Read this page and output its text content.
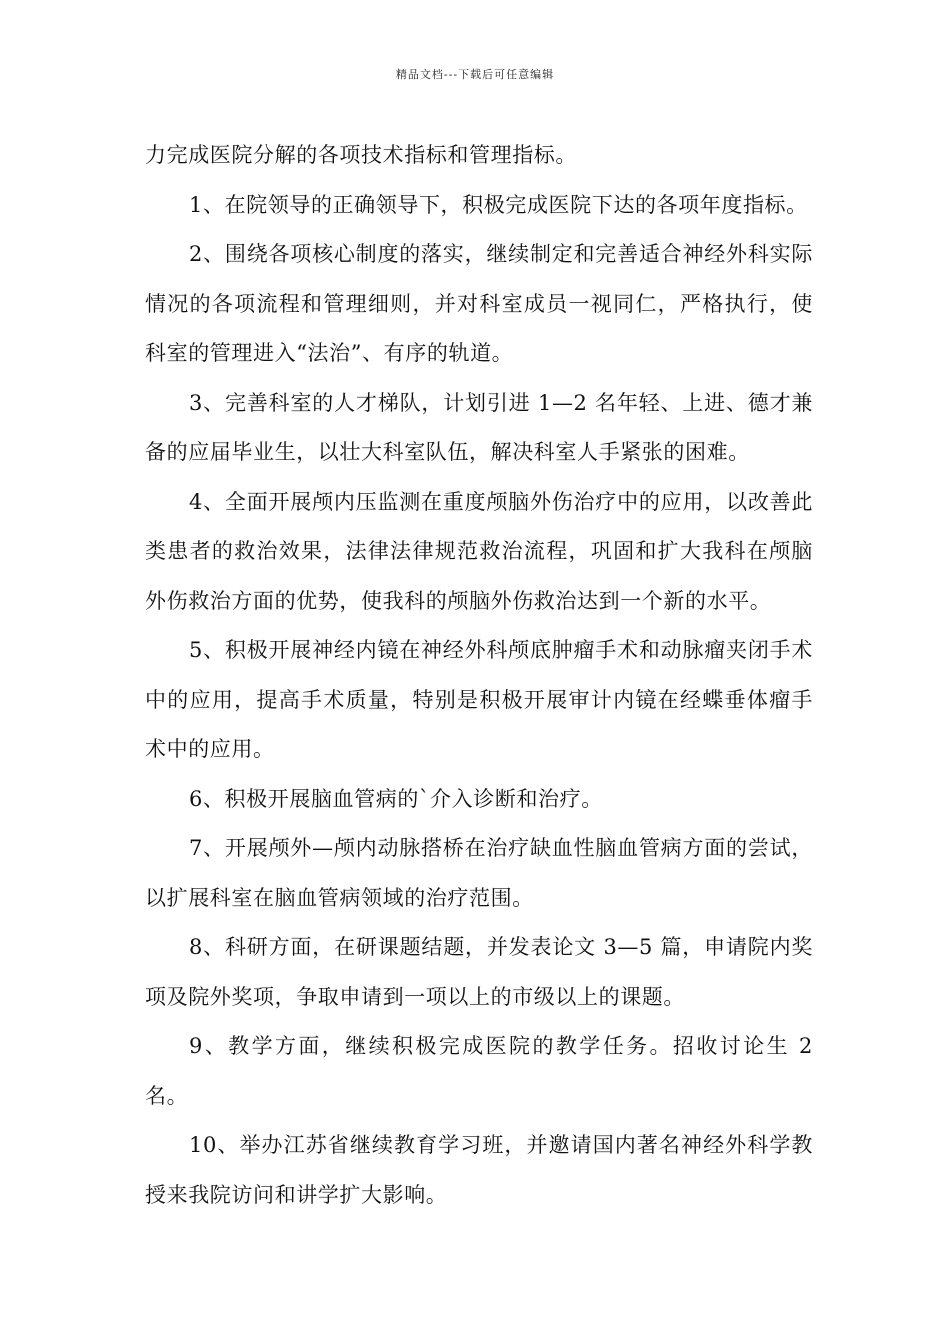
精品文档---下载后可任意编辑

力完成医院分解的各项技术指标和管理指标。

1、在院领导的正确领导下，积极完成医院下达的各项年度指标。

2、围绕各项核心制度的落实，继续制定和完善适合神经外科实际情况的各项流程和管理细则，并对科室成员一视同仁，严格执行，使科室的管理进入“法治”、有序的轨道。

3、完善科室的人才梯队，计划引进 1—2 名年轻、上进、德才兼备的应届毕业生，以壮大科室队伍，解决科室人手紧张的困难。

4、全面开展颅内压监测在重度颅脑外伤治疗中的应用，以改善此类患者的救治效果，法律法律规范救治流程，巩固和扩大我科在颅脑外伤救治方面的优势，使我科的颅脑外伤救治达到一个新的水平。

5、积极开展神经内镜在神经外科颅底肿瘤手术和动脉瘤夹闭手术中的应用，提高手术质量，特别是积极开展审计内镜在经蝶垂体瘤手术中的应用。

6、积极开展脑血管病的`介入诊断和治疗。

7、开展颅外—颅内动脉搭桥在治疗缺血性脑血管病方面的尝试，以扩展科室在脑血管病领域的治疗范围。

8、科研方面，在研课题结题，并发表论文 3—5 篇，申请院内奖项及院外奖项，争取申请到一项以上的市级以上的课题。

9、教学方面，继续积极完成医院的教学任务。招收讨论生 2 名。

10、举办江苏省继续教育学习班，并邀请国内著名神经外科学教授来我院访问和讲学扩大影响。
